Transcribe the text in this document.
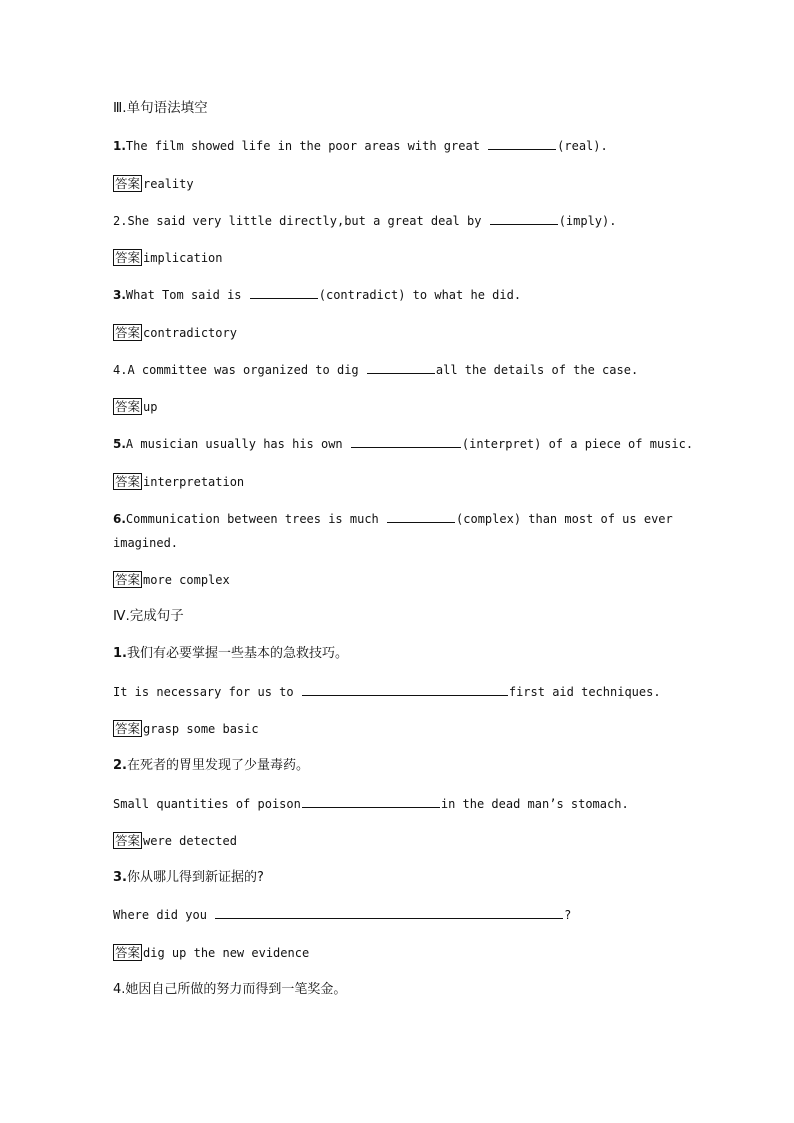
Ⅲ.单句语法填空
1.The film showed life in the poor areas with great	(real).
答案 reality
2.She said very little directly,but a great deal by	(imply).
答案 implication
3.What Tom said is	(contradict) to what he did.
答案 contradictory
4.A committee was organized to dig	all the details of the case.
答案 up
5.A musician usually has his own	(interpret) of a piece of music.
答案 interpretation
6.Communication between trees is much	(complex) than most of us ever
imagined.
答案 more complex
Ⅳ.完成句子
1.我们有必要掌握一些基本的急救技巧。
It is necessary for us to	first aid techniques.
答案 grasp some basic
2.在死者的胃里发现了少量毒药。
Small quantities of poison	in the dead man’s stomach.
答案 were detected
3.你从哪儿得到新证据的?
Where did you	?
答案 dig up the new evidence
4.她因自己所做的努力而得到一笔奖金。
